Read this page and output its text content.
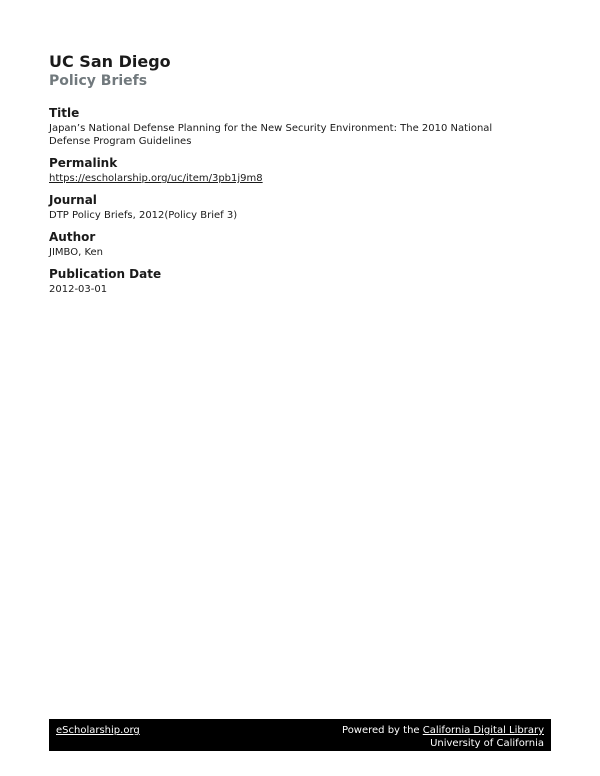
UC San Diego

Policy Briefs

Title

Japan’s National Defense Planning for the New Security Environment: The 2010 National
Defense Program Guidelines

Permalink

https://escholarship.org/uc/item/3pb1j9m8

Journal

DTP Policy Briefs, 2012(Policy Brief 3)

Author

JIMBO, Ken

Publication Date

2012-03-01

eScholarship.org	Powered by the California Digital Library
University of California
